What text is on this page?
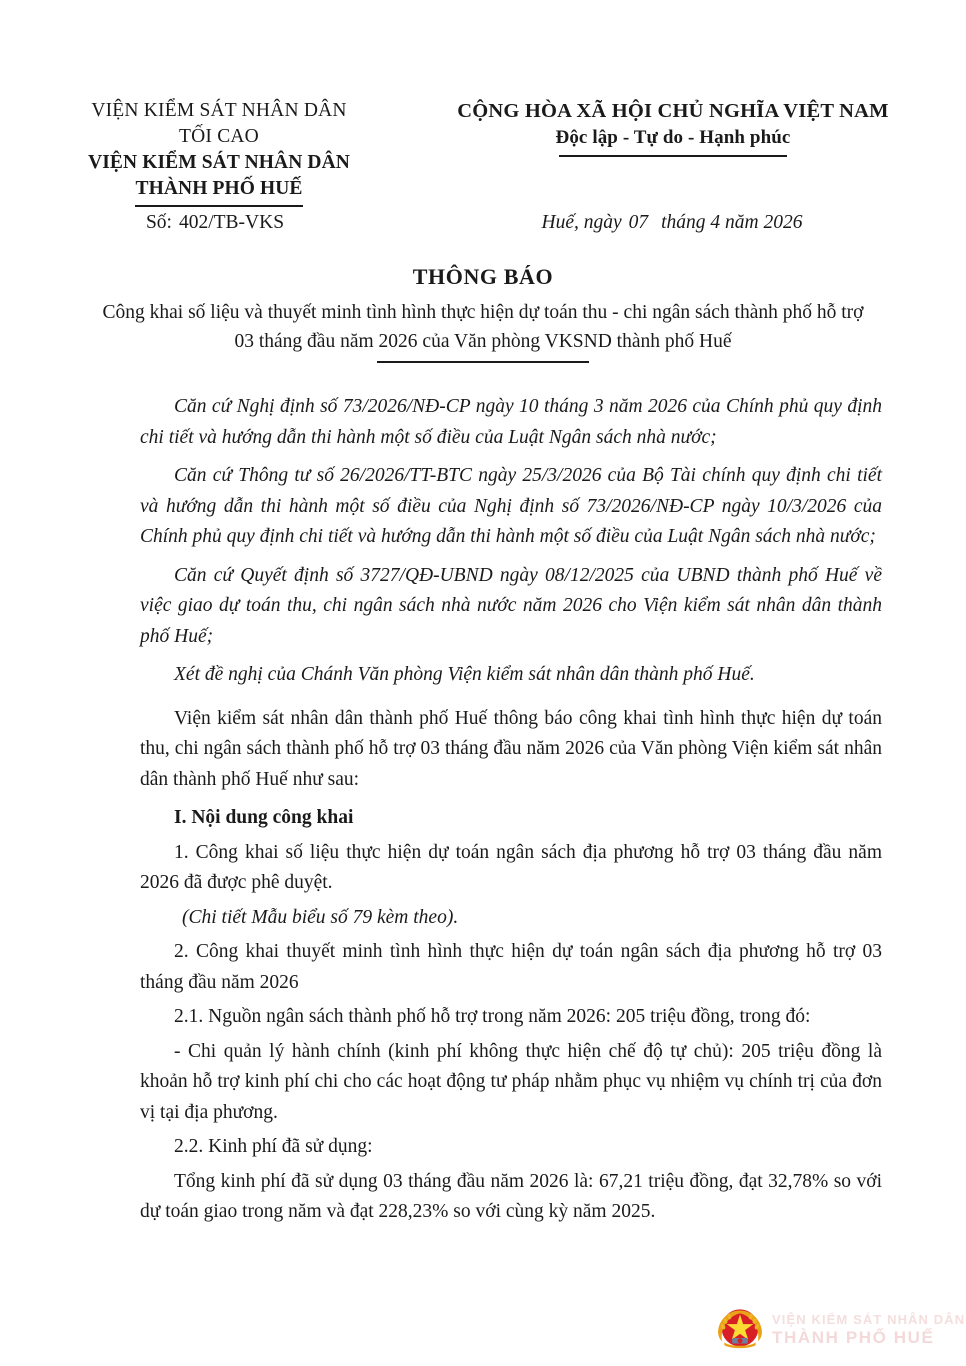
VIỆN KIỂM SÁT NHÂN DÂN
TỐI CAO
VIỆN KIỂM SÁT NHÂN DÂN
THÀNH PHỐ HUẾ
CỘNG HÒA XÃ HỘI CHỦ NGHĨA VIỆT NAM
Độc lập - Tự do - Hạnh phúc
Số: 402/TB-VKS	Huế, ngày 07 tháng 4 năm 2026
THÔNG BÁO
Công khai số liệu và thuyết minh tình hình thực hiện dự toán thu - chi ngân sách thành phố hỗ trợ 03 tháng đầu năm 2026 của Văn phòng VKSND thành phố Huế

Căn cứ Nghị định số 73/2026/NĐ-CP ngày 10 tháng 3 năm 2026 của Chính phủ quy định chi tiết và hướng dẫn thi hành một số điều của Luật Ngân sách nhà nước;

Căn cứ Thông tư số 26/2026/TT-BTC ngày 25/3/2026 của Bộ Tài chính quy định chi tiết và hướng dẫn thi hành một số điều của Nghị định số 73/2026/NĐ-CP ngày 10/3/2026 của Chính phủ quy định chi tiết và hướng dẫn thi hành một số điều của Luật Ngân sách nhà nước;

Căn cứ Quyết định số 3727/QĐ-UBND ngày 08/12/2025 của UBND thành phố Huế về việc giao dự toán thu, chi ngân sách nhà nước năm 2026 cho Viện kiểm sát nhân dân thành phố Huế;

Xét đề nghị của Chánh Văn phòng Viện kiểm sát nhân dân thành phố Huế.

Viện kiểm sát nhân dân thành phố Huế thông báo công khai tình hình thực hiện dự toán thu, chi ngân sách thành phố hỗ trợ 03 tháng đầu năm 2026 của Văn phòng Viện kiểm sát nhân dân thành phố Huế như sau:

I. Nội dung công khai

1. Công khai số liệu thực hiện dự toán ngân sách địa phương hỗ trợ 03 tháng đầu năm 2026 đã được phê duyệt.

(Chi tiết Mẫu biểu số 79 kèm theo).

2. Công khai thuyết minh tình hình thực hiện dự toán ngân sách địa phương hỗ trợ 03 tháng đầu năm 2026

2.1. Nguồn ngân sách thành phố hỗ trợ trong năm 2026: 205 triệu đồng, trong đó:

- Chi quản lý hành chính (kinh phí không thực hiện chế độ tự chủ): 205 triệu đồng là khoản hỗ trợ kinh phí chi cho các hoạt động tư pháp nhằm phục vụ nhiệm vụ chính trị của đơn vị tại địa phương.

2.2. Kinh phí đã sử dụng:

Tổng kinh phí đã sử dụng 03 tháng đầu năm 2026 là: 67,21 triệu đồng, đạt 32,78% so với dự toán giao trong năm và đạt 228,23% so với cùng kỳ năm 2025.

VIỆN KIỂM SÁT NHÂN DÂN
THÀNH PHỐ HUẾ
